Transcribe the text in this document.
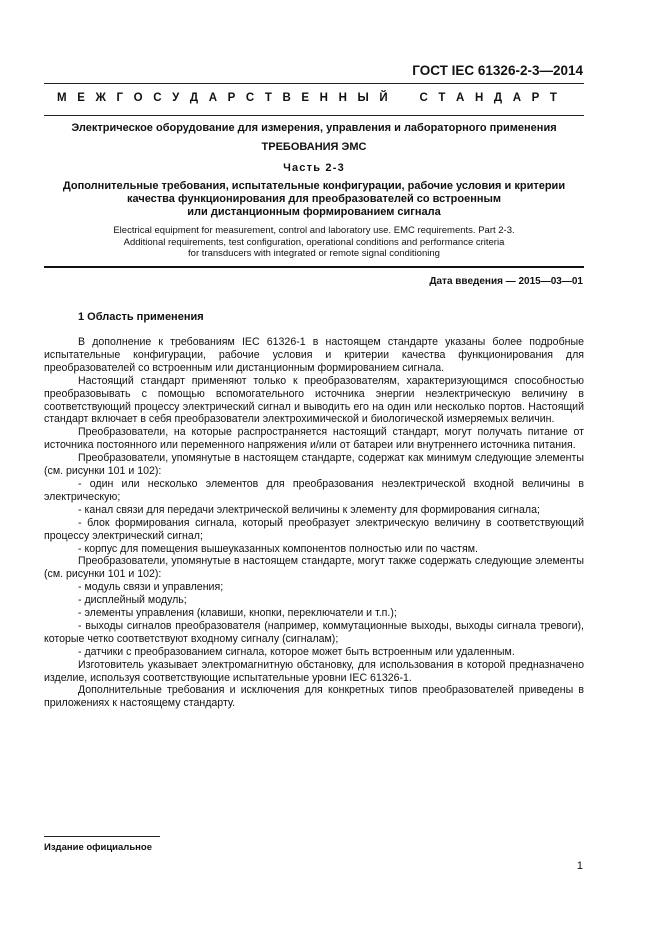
ГОСТ IEC 61326-2-3—2014
М Е Ж Г О С У Д А Р С Т В Е Н Н Ы Й	С Т А Н Д А Р Т
Электрическое оборудование для измерения, управления и лабораторного применения
ТРЕБОВАНИЯ ЭМС
Часть 2-3
Дополнительные требования, испытательные конфигурации, рабочие условия и критерии
качества функционирования для преобразователей со встроенным
или дистанционным формированием сигнала
Electrical equipment for measurement, control and laboratory use. EMC requirements. Part 2-3.
Additional requirements, test configuration, operational conditions and performance criteria
for transducers with integrated or remote signal conditioning
Дата введения — 2015—03—01
1 Область применения

В дополнение к требованиям IEC 61326-1 в настоящем стандарте указаны более подробные испытательные конфигурации, рабочие условия и критерии качества функционирования для преобразователей со встроенным или дистанционным формированием сигнала.

Настоящий стандарт применяют только к преобразователям, характеризующимся способностью преобразовывать с помощью вспомогательного источника энергии неэлектрическую величину в соответствующий процессу электрический сигнал и выводить его на один или несколько портов. Настоящий стандарт включает в себя преобразователи электрохимической и биологической измеряемых величин.

Преобразователи, на которые распространяется настоящий стандарт, могут получать питание от источника постоянного или переменного напряжения и/или от батареи или внутреннего источника питания.

Преобразователи, упомянутые в настоящем стандарте, содержат как минимум следующие элементы (см. рисунки 101 и 102):

- один или несколько элементов для преобразования неэлектрической входной величины в электрическую;

- канал связи для передачи электрической величины к элементу для формирования сигнала;

- блок формирования сигнала, который преобразует электрическую величину в соответствующий процессу электрический сигнал;

- корпус для помещения вышеуказанных компонентов полностью или по частям.

Преобразователи, упомянутые в настоящем стандарте, могут также содержать следующие элементы (см. рисунки 101 и 102):

- модуль связи и управления;

- дисплейный модуль;

- элементы управления (клавиши, кнопки, переключатели и т.п.);

- выходы сигналов преобразователя (например, коммутационные выходы, выходы сигнала тревоги), которые четко соответствуют входному сигналу (сигналам);

- датчики с преобразованием сигнала, которое может быть встроенным или удаленным.

Изготовитель указывает электромагнитную обстановку, для использования в которой предназначено изделие, используя соответствующие испытательные уровни IEC 61326-1.

Дополнительные требования и исключения для конкретных типов преобразователей приведены в приложениях к настоящему стандарту.

Издание официальное
1
